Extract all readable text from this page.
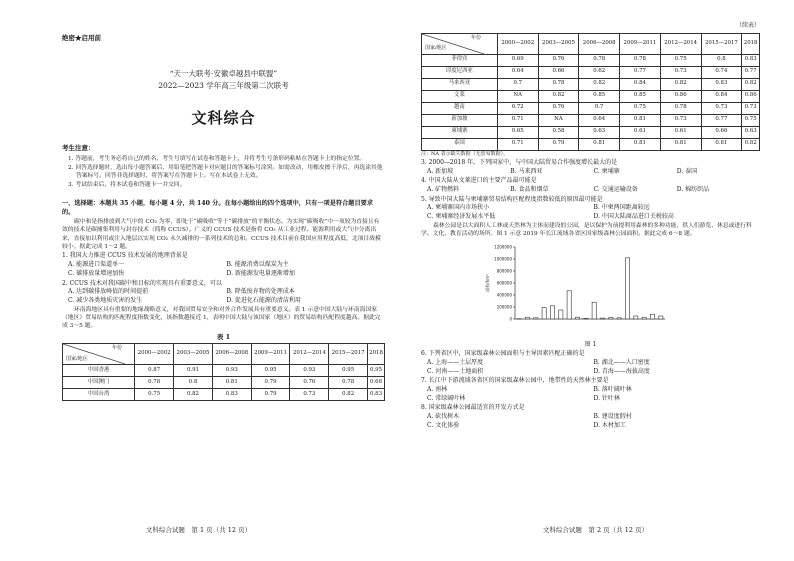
绝密★启用前
“天一大联考·安徽卓越县中联盟”
2022—2023 学年高三年级第二次联考
文科综合
考生注意：
1. 答题前，考生务必将自己的姓名、考生号填写在试卷和答题卡上，并将考生号条形码粘贴在答题卡上的指定位置。
2. 回答选择题时，选出每小题答案后，用铅笔把答题卡对应题目的答案标号涂黑。如需改动，用橡皮擦干净后，再选涂其他答案标号。回答非选择题时，将答案写在答题卡上。写在本试卷上无效。
3. 考试结束后，将本试卷和答题卡一并交回。
一、选择题：本题共 35 小题，每小题 4 分，共 140 分。在每小题给出的四个选项中，只有一项是符合题目要求的。
碳中和是指排放到大气中的 CO₂ 为零，即处于“碳吸收”等于“碳排放”的平衡状态。为实现“碳吸收”中一项较为直接且有效的技术是碳捕集利用与封存技术（简称 CCUS）。广义的 CCUS 技术是指将 CO₂ 从工业过程、能源利用或大气中分离出来，直接加以利用或注入地层以实现 CO₂ 永久减排的一系列技术的总和。CCUS 技术目前在我国应用程度高低，北项目战模较小。据此完成 1～2 题。
1. 我国大力推进 CCUS 技术发展的地理背景是
A. 能源进口渠道单一	B. 能源消费以煤炭为主
C. 碳排放量增速加快	D. 新能源发电量逐渐增加
2. CCUS 技术对我国碳中和目标的实现具有重要意义，可以
A. 达到碳排放峰值的时间提前	B. 降低废弃物的处理成本
C. 减少各类地质灾害的发生	D. 促进化石能源的清洁利用
环南海地区具有重要的地缘战略意义，对我国贸易安全和对外合作发展具有重要意义。表 1 示意中国大陆与环南海国家（地区）贸易结构的匹配程度指数变化，该指数越接近 1，表明中国大陆与该国家（地区）的贸易结构匹配程度越高。据此完成 3～5 题。
表 1
年份
国家/地区	2000—2002	2003—2005	2006—2008	2009—2011	2012—2014	2015—2017	2018
中国香港	0.87	0.91	0.93	0.95	0.93	0.95	0.95
中国澳门	0.78	0.8	0.81	0.79	0.76	0.78	0.68
中国台湾	0.75	0.82	0.83	0.79	0.73	0.82	0.83
文科综合试题　第 1 页（共 12 页）
（续表）
年份
国家/地区	2000—2002	2003—2005	2006—2008	2009—2011	2012—2014	2015—2017	2018
菲律宾	0.69	0.76	0.78	0.78	0.75	0.8	0.83
印度尼西亚	0.64	0.66	0.62	0.77	0.73	0.74	0.77
马来西亚	0.7	0.78	0.82	0.84	0.82	0.83	0.82
文莱	NA	0.82	0.85	0.85	0.86	0.84	0.86
越南	0.72	0.76	0.7	0.75	0.78	0.73	0.73
新加坡	0.71	NA	0.64	0.81	0.73	0.77	0.75
柬埔寨	0.65	0.58	0.63	0.61	0.61	0.66	0.63
泰国	0.71	0.79	0.81	0.81	0.81	0.81	0.82
注：NA 表示缺失数据（无贸易数据）。
3. 2000—2018 年，下列国家中，与中国大陆贸易合作强度增长最大的是
A. 新加坡	B. 马来西亚	C. 柬埔寨	D. 泰国
4. 中国大陆从文莱进口的主要产品最可能是
A. 矿物燃料	B. 食品和烟草	C. 交通运输设备	D. 棉纺织品
5. 导致中国大陆与柬埔寨贸易结构匹配程度指数较低的原因最可能是
A. 柬埔寨国内市场狭小	B. 中柬两国距离较远
C. 柬埔寨经济发展水平低	D. 中国大陆商品进口关税较高
森林公园是以大面积人工林或天然林为主体而建设的公园，是以保护为前提利用森林的多种功能，供人们游览、休息或进行科学、文化、教育活动的场所。图 1 示意 2019 年长江流域各省区国家级森林公园面积。据此完成 6～8 题。
0
200000
400000
600000
800000
1000000
1200000
面积/hm²
图 1
6. 下列省区中，国家级森林公园面积与主导因素匹配正确的是
A. 上海——土层厚度	B. 湖北——人口密度
C. 河南——土地面积	D. 青海——海拔高度
7. 长江中下游流域各省区的国家级森林公园中，地带性的天然林主要是
A. 南林	B. 落叶阔叶林
C. 常绿阔叶林	D. 针叶林
8. 国家级森林公园最适宜的开发方式是
A. 砍伐树木	B. 建设度假村
C. 文化体验	D. 木材加工
文科综合试题　第 2 页（共 12 页）
